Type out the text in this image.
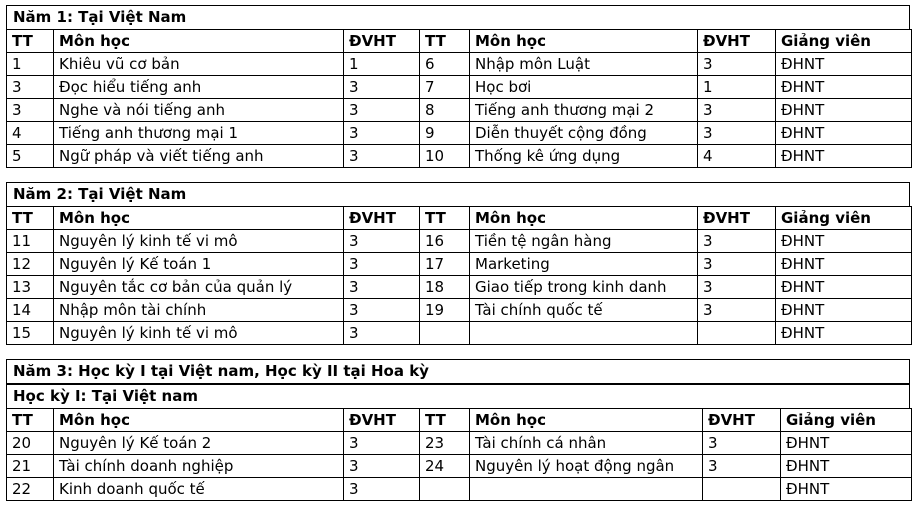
Năm 1: Tại Việt Nam
TT	Môn học	ĐVHT	TT	Môn học	ĐVHT	Giảng viên
1	Khiêu vũ cơ bản	1	6	Nhập môn Luật	3	ĐHNT
3	Đọc hiểu tiếng anh	3	7	Học bơi	1	ĐHNT
3	Nghe và nói tiếng anh	3	8	Tiếng anh thương mại 2	3	ĐHNT
4	Tiếng anh thương mại 1	3	9	Diễn thuyết cộng đồng	3	ĐHNT
5	Ngữ pháp và viết tiếng anh	3	10	Thống kê ứng dụng	4	ĐHNT
Năm 2: Tại Việt Nam
TT	Môn học	ĐVHT	TT	Môn học	ĐVHT	Giảng viên
11	Nguyên lý kinh tế vi mô	3	16	Tiền tệ ngân hàng	3	ĐHNT
12	Nguyên lý Kế toán 1	3	17	Marketing	3	ĐHNT
13	Nguyên tắc cơ bản của quản lý	3	18	Giao tiếp trong kinh danh	3	ĐHNT
14	Nhập môn tài chính	3	19	Tài chính quốc tế	3	ĐHNT
15	Nguyên lý kinh tế vi mô	3				ĐHNT
Năm 3: Học kỳ I tại Việt nam, Học kỳ II tại Hoa kỳ
Học kỳ I: Tại Việt nam
TT	Môn học	ĐVHT	TT	Môn học	ĐVHT	Giảng viên
20	Nguyên lý Kế toán 2	3	23	Tài chính cá nhân	3	ĐHNT
21	Tài chính doanh nghiệp	3	24	Nguyên lý hoạt động ngân	3	ĐHNT
22	Kinh doanh quốc tế	3				ĐHNT
